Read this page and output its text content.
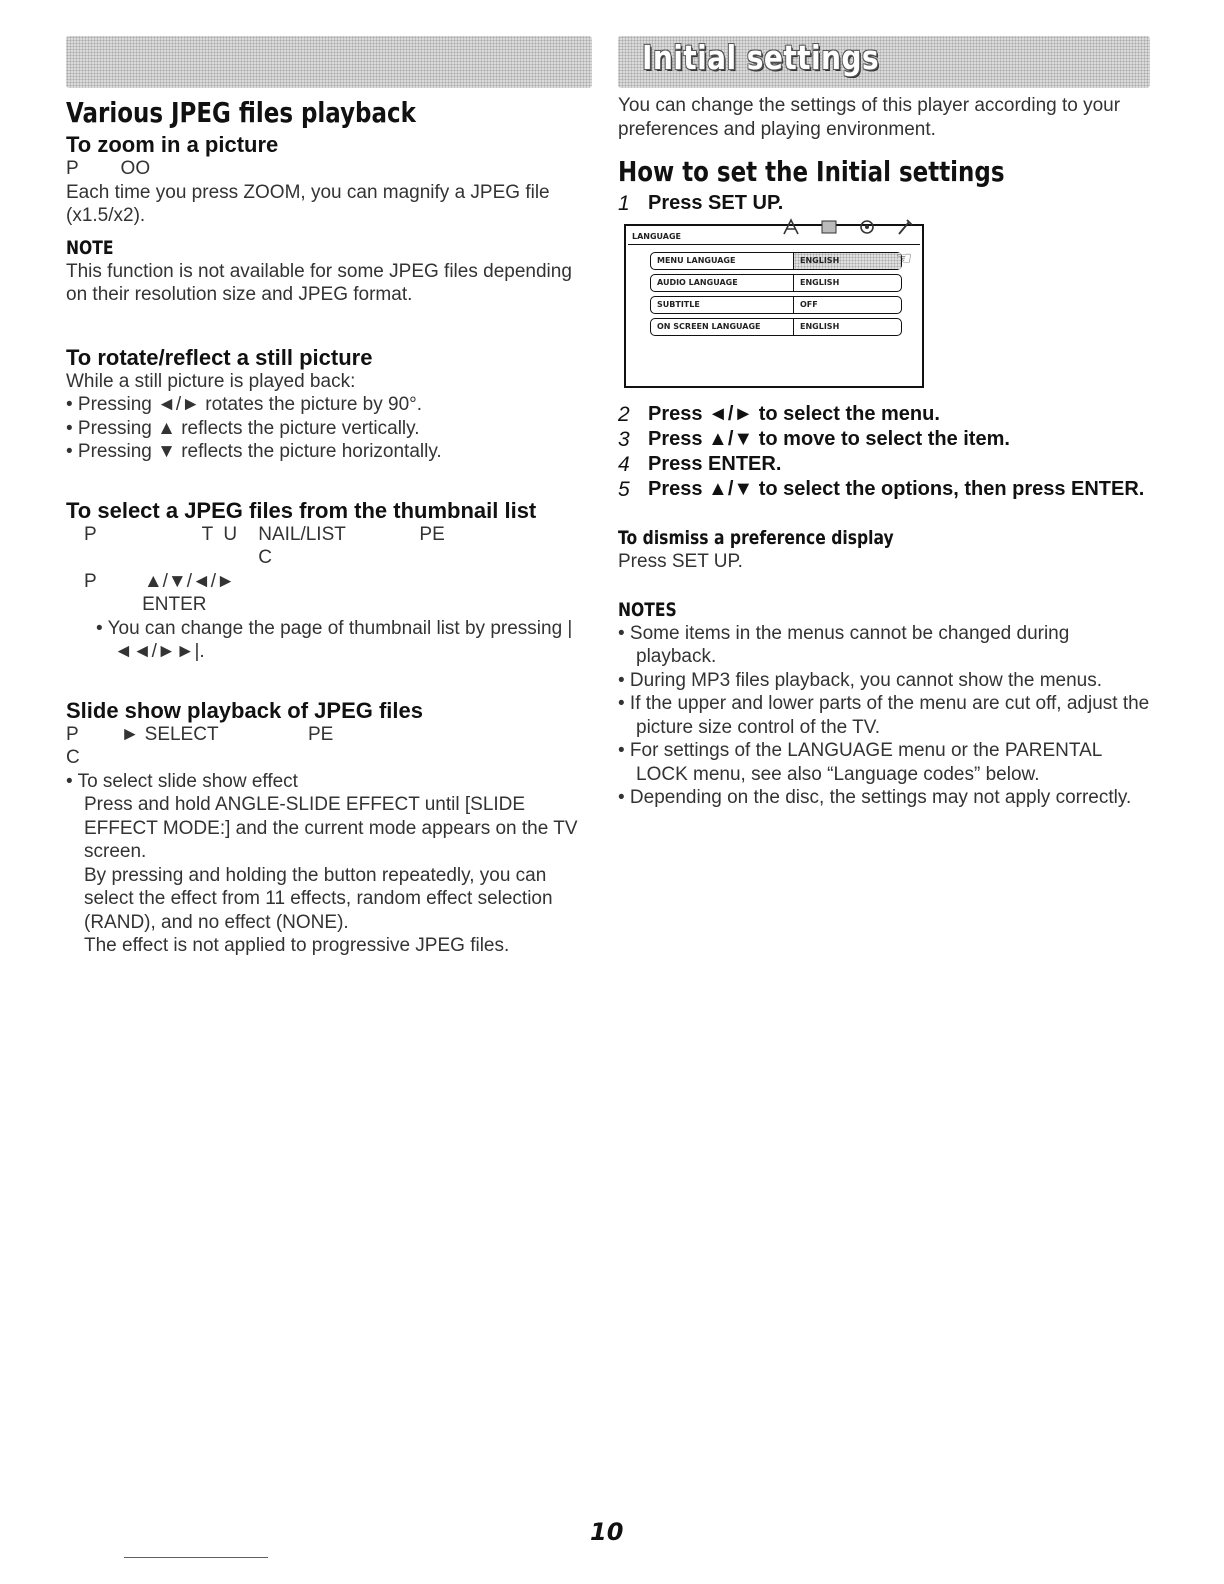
Various JPEG files playback
To zoom in a picture
P        OO
Each time you press ZOOM, you can magnify a JPEG file (x1.5/x2).
NOTE
This function is not available for some JPEG files depending on their resolution size and JPEG format.
To rotate/reflect a still picture
While a still picture is played back:
• Pressing ◄/► rotates the picture by 90°.
• Pressing ▲ reflects the picture vertically.
• Pressing ▼ reflects the picture horizontally.
To select a JPEG files from the thumbnail list
P                    T  U    NAIL/LIST              PE
C
P         ▲/▼/◄/►
ENTER
• You can change the page of thumbnail list by pressing |◄◄/►►|.
Slide show playback of JPEG files
P        ► SELECT                 PE
C
• To select slide show effect
Press and hold ANGLE-SLIDE EFFECT until [SLIDE EFFECT MODE:] and the current mode appears on the TV screen.
By pressing and holding the button repeatedly, you can select the effect from 11 effects, random effect selection (RAND), and no effect (NONE).
The effect is not applied to progressive JPEG files.
Initial settings
You can change the settings of this player according to your preferences and playing environment.
How to set the Initial settings
1 Press SET UP.
LANGUAGE
MENU LANGUAGE	ENGLISH
AUDIO LANGUAGE	ENGLISH
SUBTITLE	OFF
ON SCREEN LANGUAGE	ENGLISH
☜
2 Press ◄/► to select the menu.
3 Press ▲/▼ to move to select the item.
4 Press ENTER.
5 Press ▲/▼ to select the options, then press ENTER.
To dismiss a preference display
Press SET UP.
NOTES
• Some items in the menus cannot be changed during playback.
• During MP3 files playback, you cannot show the menus.
• If the upper and lower parts of the menu are cut off, adjust the picture size control of the TV.
• For settings of the LANGUAGE menu or the PARENTAL LOCK menu, see also “Language codes” below.
• Depending on the disc, the settings may not apply correctly.
10
